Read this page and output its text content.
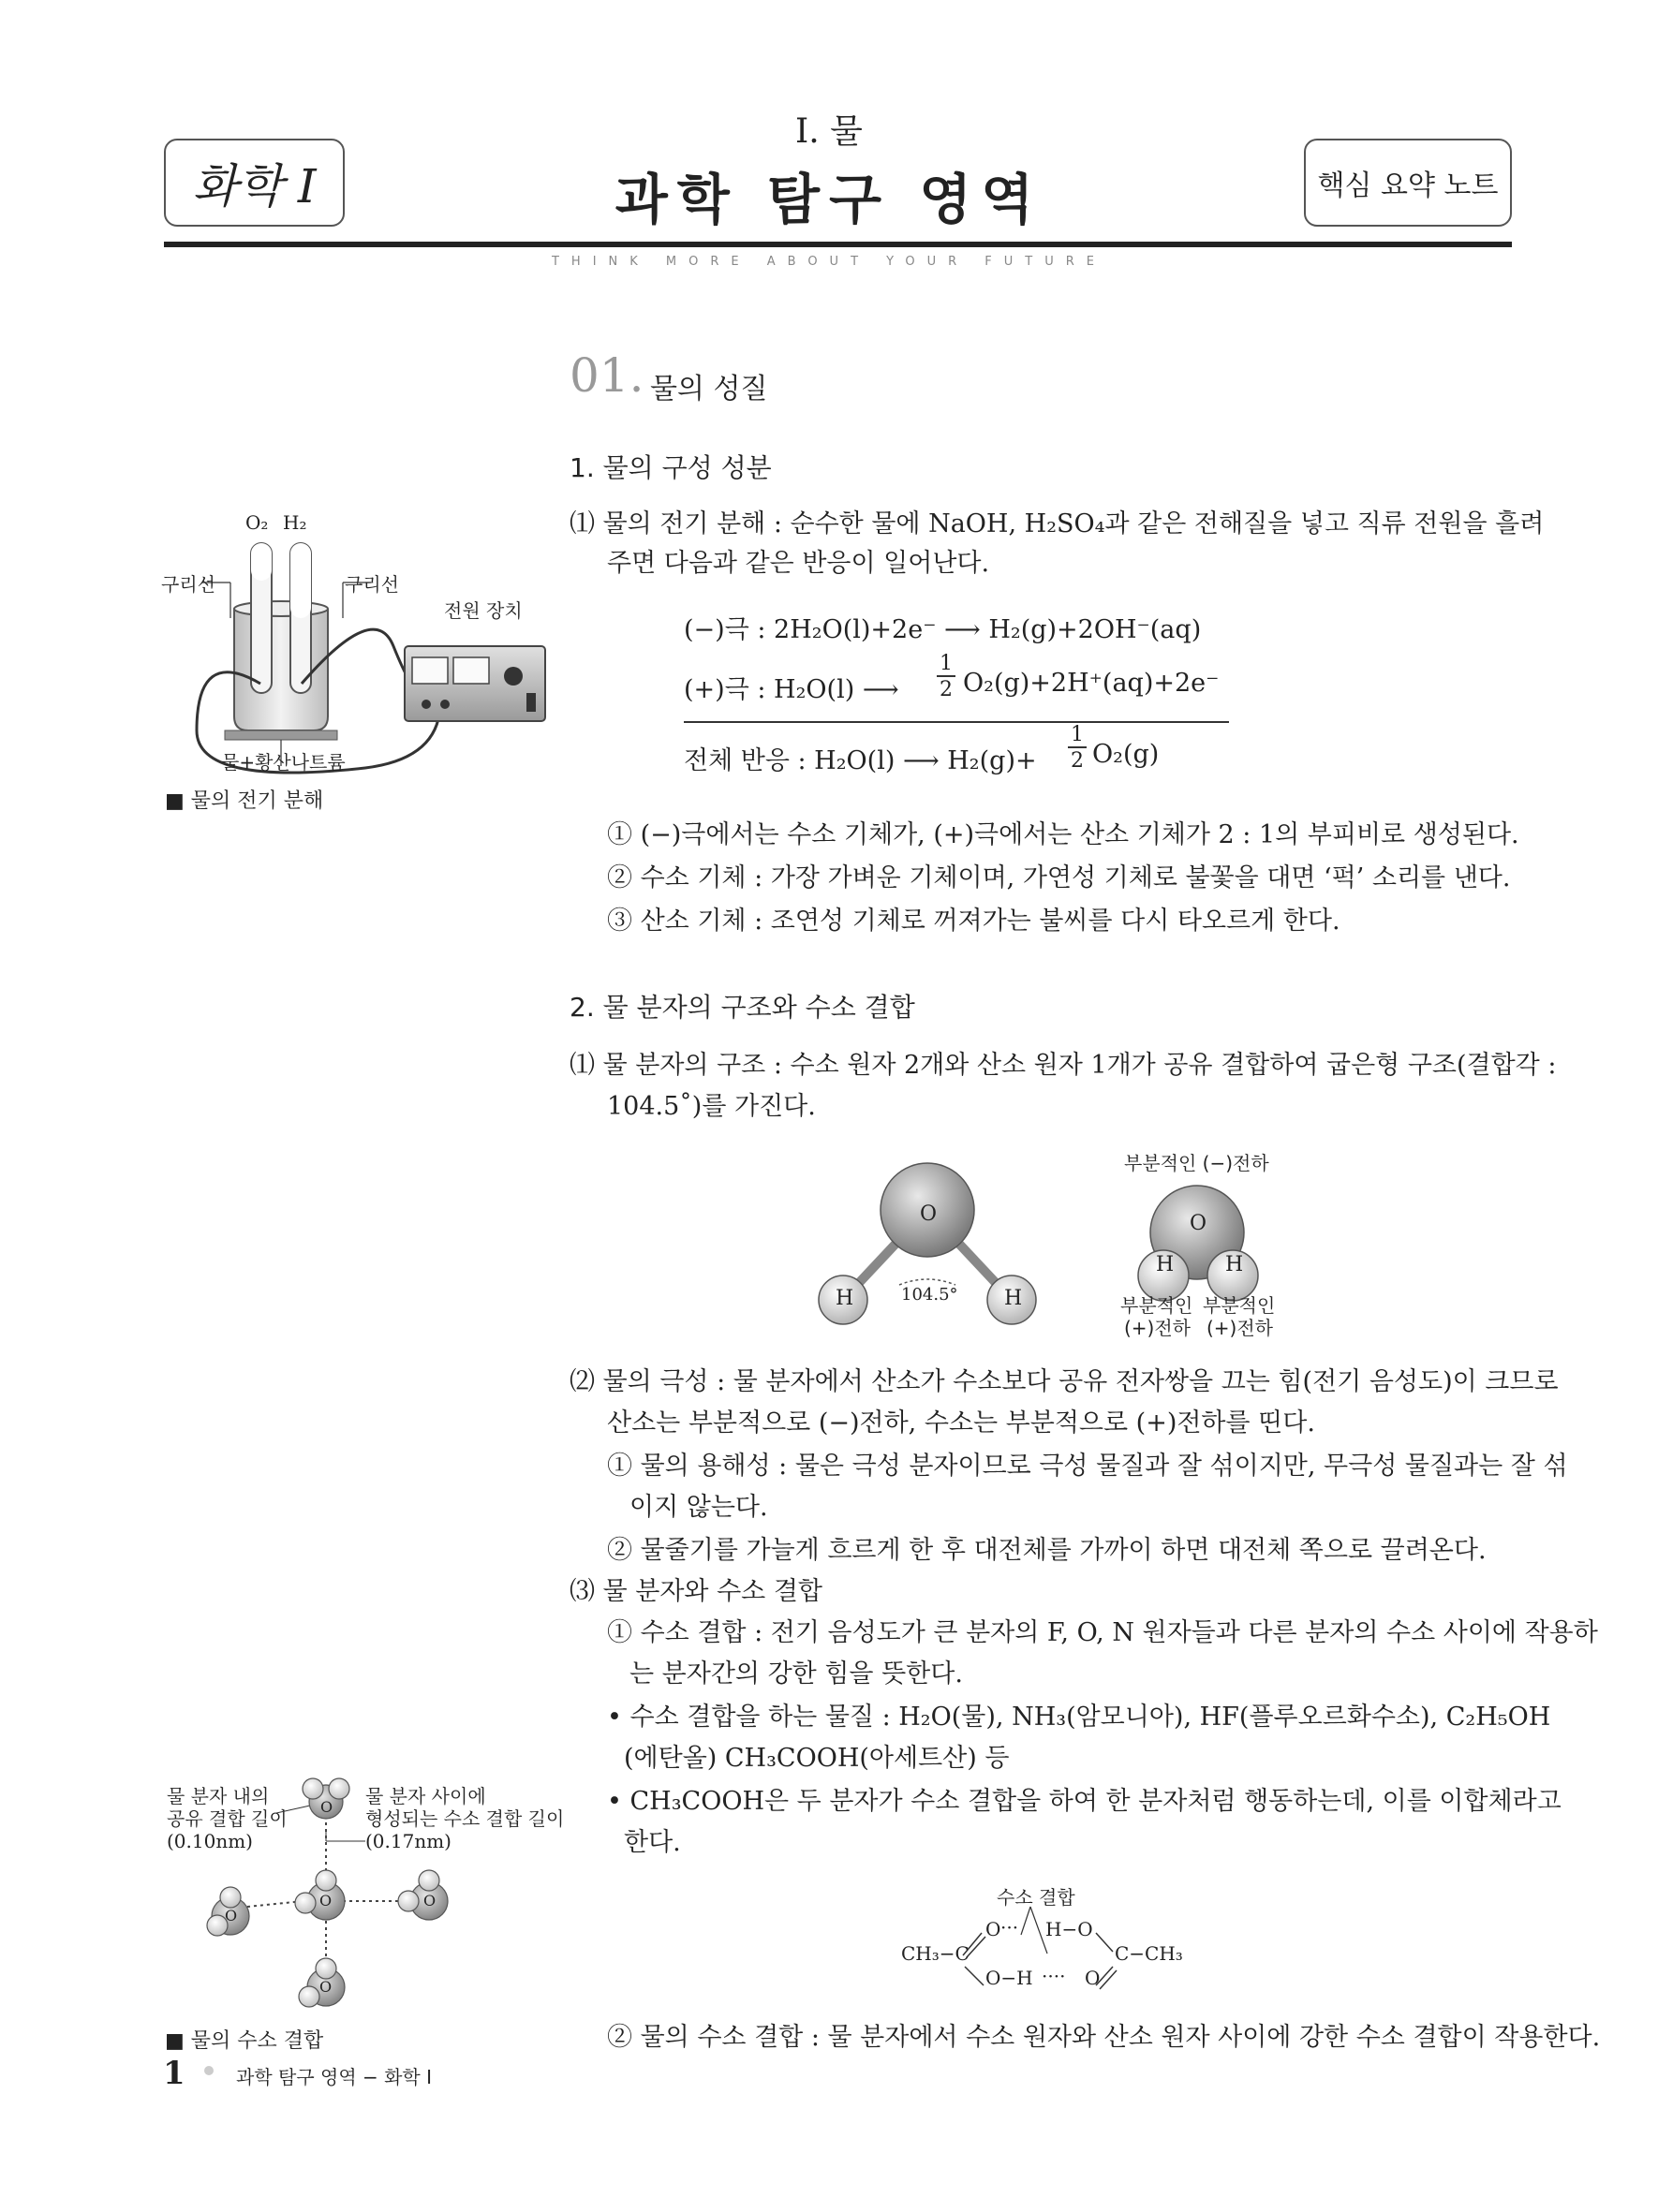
화학 I
I. 물
과학 탐구 영역	핵심 요약 노트
THINK MORE ABOUT YOUR FUTURE
01. 물의 성질
1. 물의 구성 성분
⑴ 물의 전기 분해 : 순수한 물에 NaOH, H₂SO₄과 같은 전해질을 넣고 직류 전원을 흘려
주면 다음과 같은 반응이 일어난다.
(−)극 : 2H₂O(l)+2e⁻ ⟶ H₂(g)+2OH⁻(aq)
(+)극 : H₂O(l) ⟶
1
2 O₂(g)+2H⁺(aq)+2e⁻
전체 반응 : H₂O(l) ⟶ H₂(g)+
1
2 O₂(g)
① (−)극에서는 수소 기체가, (+)극에서는 산소 기체가 2 : 1의 부피비로 생성된다.
② 수소 기체 : 가장 가벼운 기체이며, 가연성 기체로 불꽃을 대면 ‘퍽’ 소리를 낸다.
③ 산소 기체 : 조연성 기체로 꺼져가는 불씨를 다시 타오르게 한다.
2. 물 분자의 구조와 수소 결합
⑴ 물 분자의 구조 : 수소 원자 2개와 산소 원자 1개가 공유 결합하여 굽은형 구조(결합각 :
104.5˚)를 가진다.
O
H	H
104.5°
O
H H
부분적인 (−)전하
부분적인
(+)전하
부분적인
(+)전하
⑵ 물의 극성 : 물 분자에서 산소가 수소보다 공유 전자쌍을 끄는 힘(전기 음성도)이 크므로
산소는 부분적으로 (−)전하, 수소는 부분적으로 (+)전하를 띤다.
① 물의 용해성 : 물은 극성 분자이므로 극성 물질과 잘 섞이지만, 무극성 물질과는 잘 섞
이지 않는다.
② 물줄기를 가늘게 흐르게 한 후 대전체를 가까이 하면 대전체 쪽으로 끌려온다.
⑶ 물 분자와 수소 결합
① 수소 결합 : 전기 음성도가 큰 분자의 F, O, N 원자들과 다른 분자의 수소 사이에 작용하
는 분자간의 강한 힘을 뜻한다.
• 수소 결합을 하는 물질 : H₂O(물), NH₃(암모니아), HF(플루오르화수소), C₂H₅OH
(에탄올) CH₃COOH(아세트산) 등
• CH₃COOH은 두 분자가 수소 결합을 하여 한 분자처럼 행동하는데, 이를 이합체라고
한다.
수소 결합
CH₃−C
O ··· H−O
C−CH₃
O−H ···· O
② 물의 수소 결합 : 물 분자에서 수소 원자와 산소 원자 사이에 강한 수소 결합이 작용한다.
O₂ H₂
구리선	구리선
전원 장치
물+황산나트륨
■ 물의 전기 분해
물 분자 내의
공유 결합 길이
(0.10nm)
물 분자 사이에
형성되는 수소 결합 길이
(0.17nm)
O
O
O
O
O
■ 물의 수소 결합
1	과학 탐구 영역 − 화학 Ⅰ
